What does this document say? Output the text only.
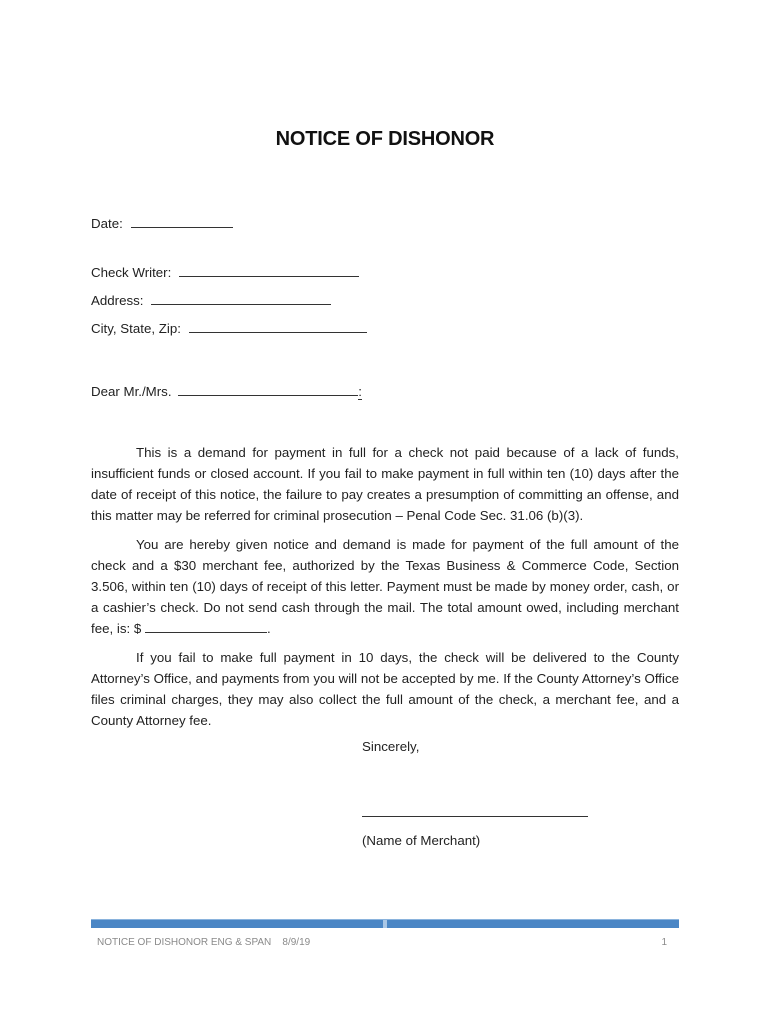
NOTICE OF DISHONOR
Date:
Check Writer:
Address:
City, State, Zip:
Dear Mr./Mrs.	:
This is a demand for payment in full for a check not paid because of a lack of funds, insufficient funds or closed account. If you fail to make payment in full within ten (10) days after the date of receipt of this notice, the failure to pay creates a presumption of committing an offense, and this matter may be referred for criminal prosecution – Penal Code Sec. 31.06 (b)(3).
You are hereby given notice and demand is made for payment of the full amount of the check and a $30 merchant fee, authorized by the Texas Business & Commerce Code, Section 3.506, within ten (10) days of receipt of this letter. Payment must be made by money order, cash, or a cashier’s check. Do not send cash through the mail. The total amount owed, including merchant fee, is: $	.
If you fail to make full payment in 10 days, the check will be delivered to the County Attorney’s Office, and payments from you will not be accepted by me. If the County Attorney’s Office files criminal charges, they may also collect the full amount of the check, a merchant fee, and a County Attorney fee.
Sincerely,
(Name of Merchant)
NOTICE OF DISHONOR ENG & SPAN    8/9/19	1
